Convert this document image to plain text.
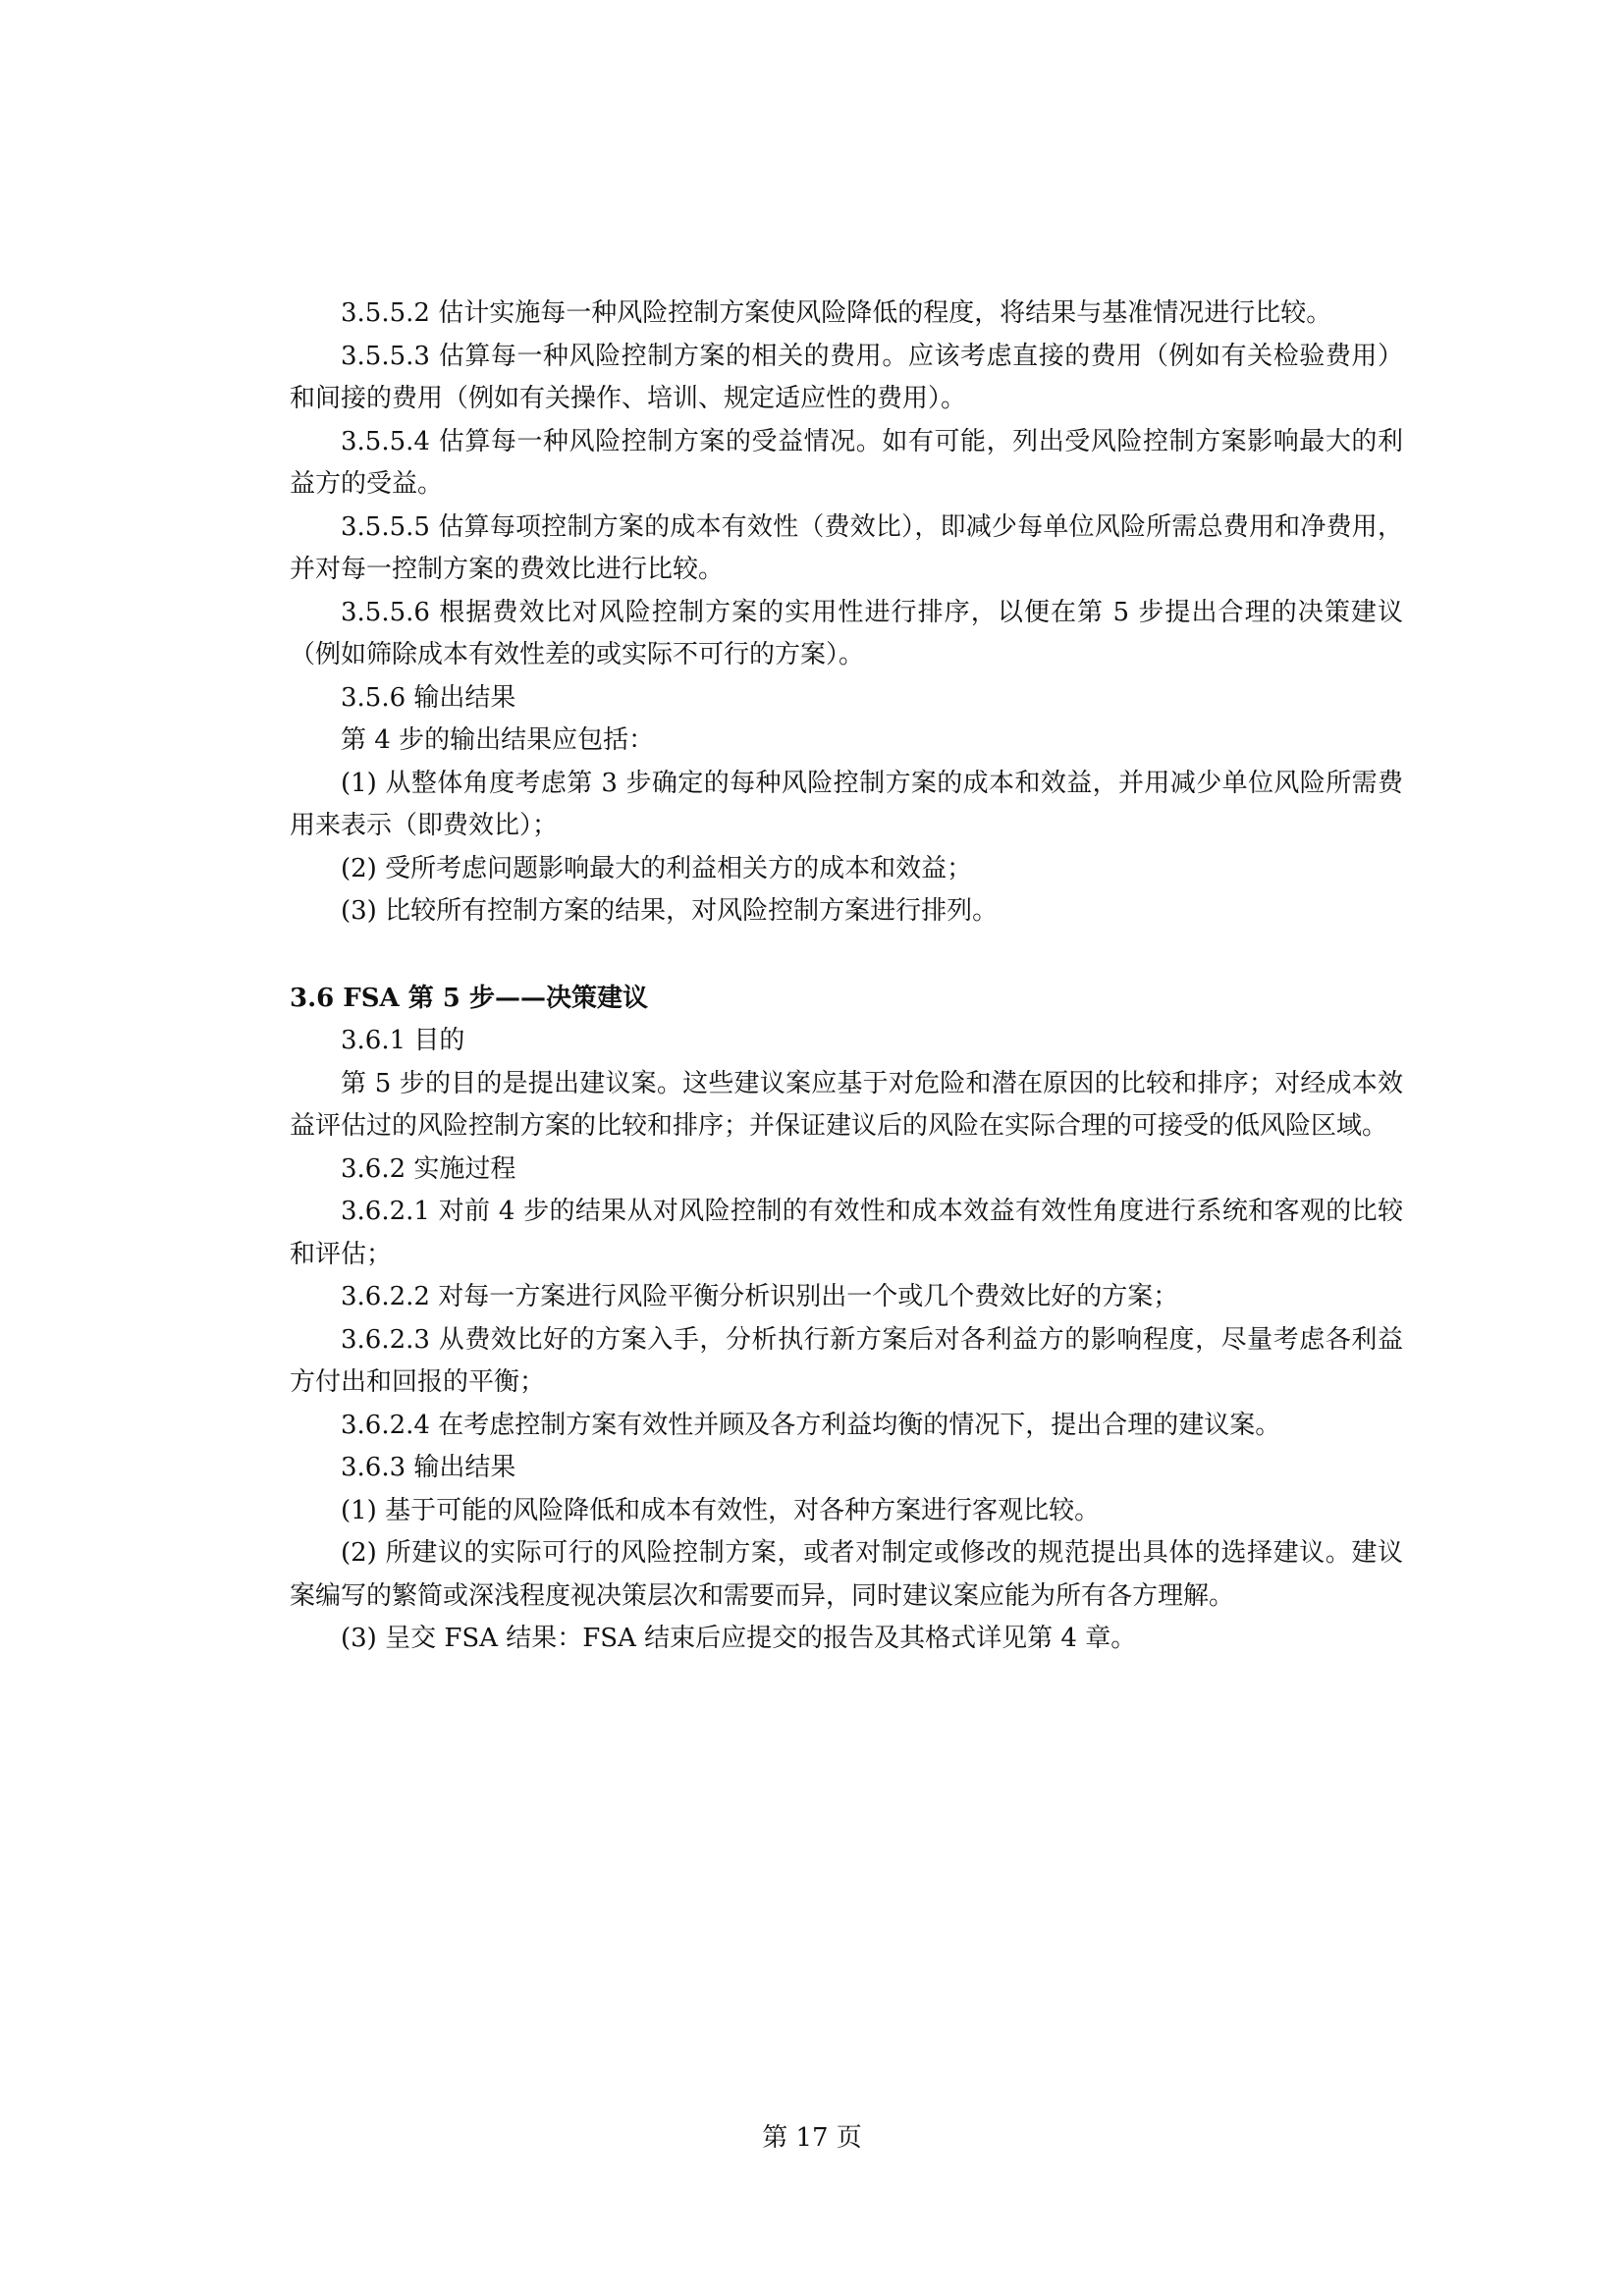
3.5.5.2 估计实施每一种风险控制方案使风险降低的程度，将结果与基准情况进行比较。

3.5.5.3 估算每一种风险控制方案的相关的费用。应该考虑直接的费用（例如有关检验费用）和间接的费用（例如有关操作、培训、规定适应性的费用）。

3.5.5.4 估算每一种风险控制方案的受益情况。如有可能，列出受风险控制方案影响最大的利益方的受益。

3.5.5.5 估算每项控制方案的成本有效性（费效比），即减少每单位风险所需总费用和净费用，并对每一控制方案的费效比进行比较。

3.5.5.6 根据费效比对风险控制方案的实用性进行排序，以便在第 5 步提出合理的决策建议（例如筛除成本有效性差的或实际不可行的方案）。

3.5.6 输出结果

第 4 步的输出结果应包括：

(1) 从整体角度考虑第 3 步确定的每种风险控制方案的成本和效益，并用减少单位风险所需费用来表示（即费效比）；

(2) 受所考虑问题影响最大的利益相关方的成本和效益；

(3) 比较所有控制方案的结果，对风险控制方案进行排列。

3.6 FSA 第 5 步——决策建议

3.6.1 目的

第 5 步的目的是提出建议案。这些建议案应基于对危险和潜在原因的比较和排序；对经成本效益评估过的风险控制方案的比较和排序；并保证建议后的风险在实际合理的可接受的低风险区域。

3.6.2 实施过程

3.6.2.1 对前 4 步的结果从对风险控制的有效性和成本效益有效性角度进行系统和客观的比较和评估；

3.6.2.2 对每一方案进行风险平衡分析识别出一个或几个费效比好的方案；

3.6.2.3 从费效比好的方案入手，分析执行新方案后对各利益方的影响程度，尽量考虑各利益方付出和回报的平衡；

3.6.2.4 在考虑控制方案有效性并顾及各方利益均衡的情况下，提出合理的建议案。

3.6.3 输出结果

(1) 基于可能的风险降低和成本有效性，对各种方案进行客观比较。

(2) 所建议的实际可行的风险控制方案，或者对制定或修改的规范提出具体的选择建议。建议案编写的繁简或深浅程度视决策层次和需要而异，同时建议案应能为所有各方理解。

(3) 呈交 FSA 结果：FSA 结束后应提交的报告及其格式详见第 4 章。

第 17 页
